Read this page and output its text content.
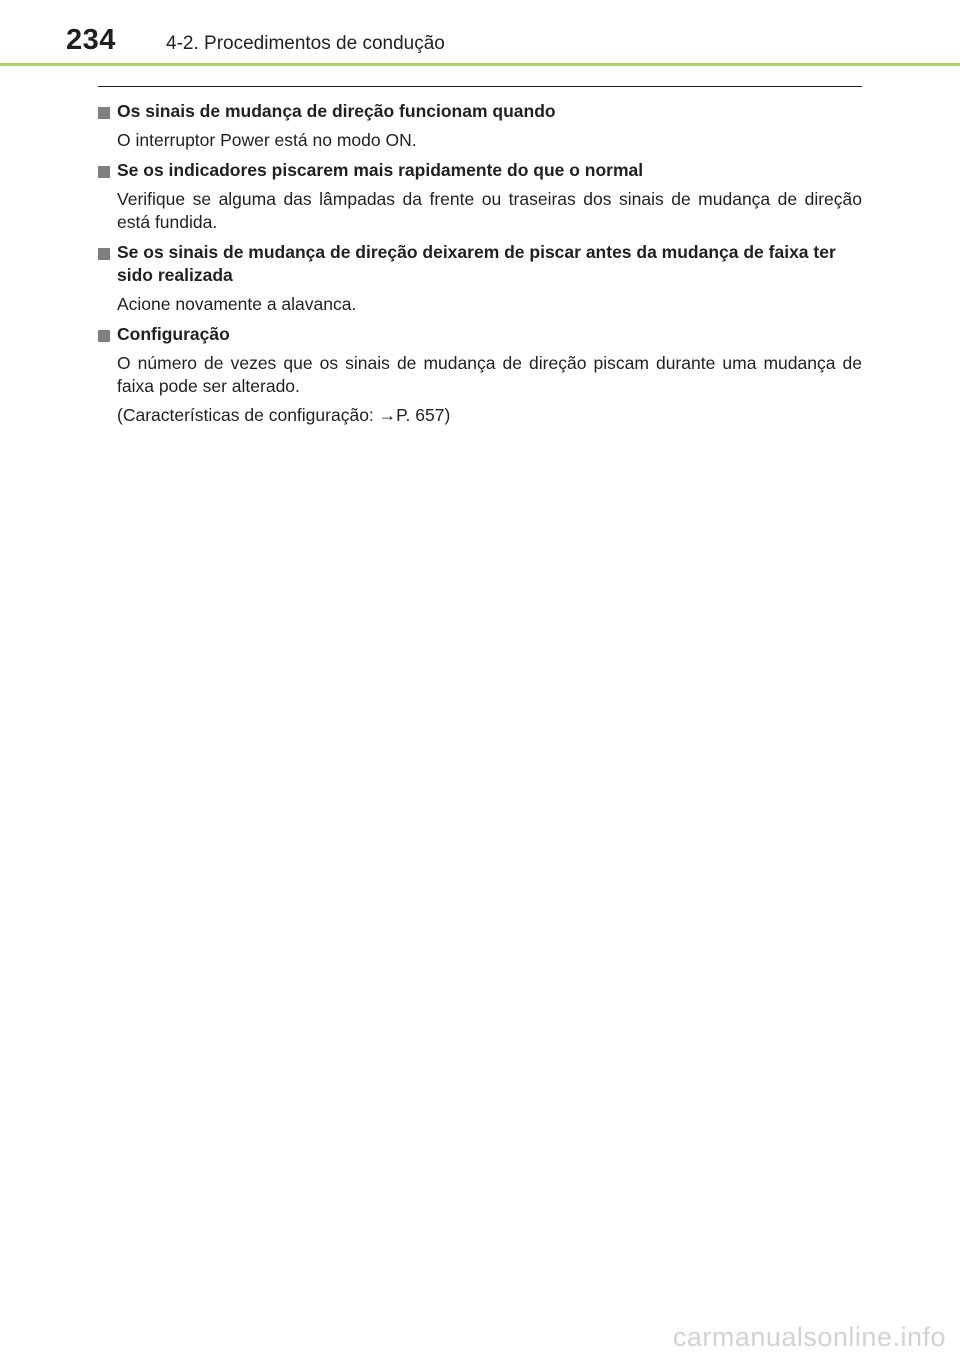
234	4-2. Procedimentos de condução

Os sinais de mudança de direção funcionam quando

O interruptor Power está no modo ON.

Se os indicadores piscarem mais rapidamente do que o normal

Verifique se alguma das lâmpadas da frente ou traseiras dos sinais de mudança de direção está fundida.

Se os sinais de mudança de direção deixarem de piscar antes da mudança de faixa ter sido realizada

Acione novamente a alavanca.

Configuração

O número de vezes que os sinais de mudança de direção piscam durante uma mudança de faixa pode ser alterado.

(Características de configuração: →P. 657)

carmanualsonline.info
